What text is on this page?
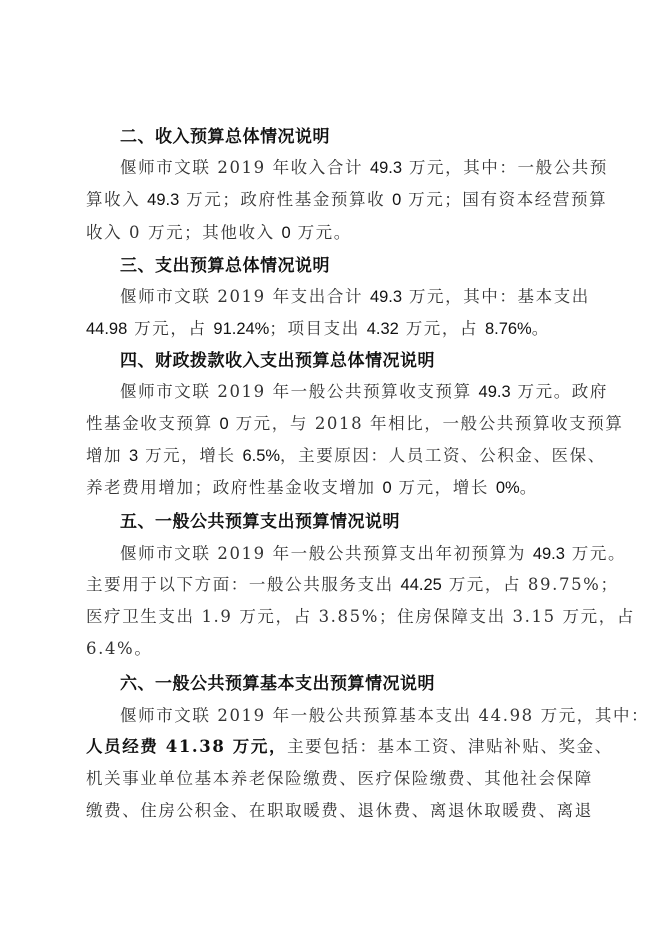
二、收入预算总体情况说明
偃师市文联 2019 年收入合计 49.3 万元，其中：一般公共预
算收入 49.3 万元；政府性基金预算收 0 万元；国有资本经营预算
收入 0 万元；其他收入 0 万元。
三、支出预算总体情况说明
偃师市文联 2019 年支出合计 49.3 万元，其中：基本支出
44.98 万元，占 91.24%；项目支出 4.32 万元，占 8.76%。
四、财政拨款收入支出预算总体情况说明
偃师市文联 2019 年一般公共预算收支预算 49.3 万元。政府
性基金收支预算 0 万元，与 2018 年相比，一般公共预算收支预算
增加 3 万元，增长 6.5%，主要原因：人员工资、公积金、医保、
养老费用增加；政府性基金收支增加 0 万元，增长 0%。
五、一般公共预算支出预算情况说明
偃师市文联 2019 年一般公共预算支出年初预算为 49.3 万元。
主要用于以下方面：一般公共服务支出 44.25 万元，占 89.75%；
医疗卫生支出 1.9 万元，占 3.85%；住房保障支出 3.15 万元，占
6.4%。
六、一般公共预算基本支出预算情况说明
偃师市文联 2019 年一般公共预算基本支出 44.98 万元，其中：
人员经费 41.38 万元，主要包括：基本工资、津贴补贴、奖金、
机关事业单位基本养老保险缴费、医疗保险缴费、其他社会保障
缴费、住房公积金、在职取暖费、退休费、离退休取暖费、离退
